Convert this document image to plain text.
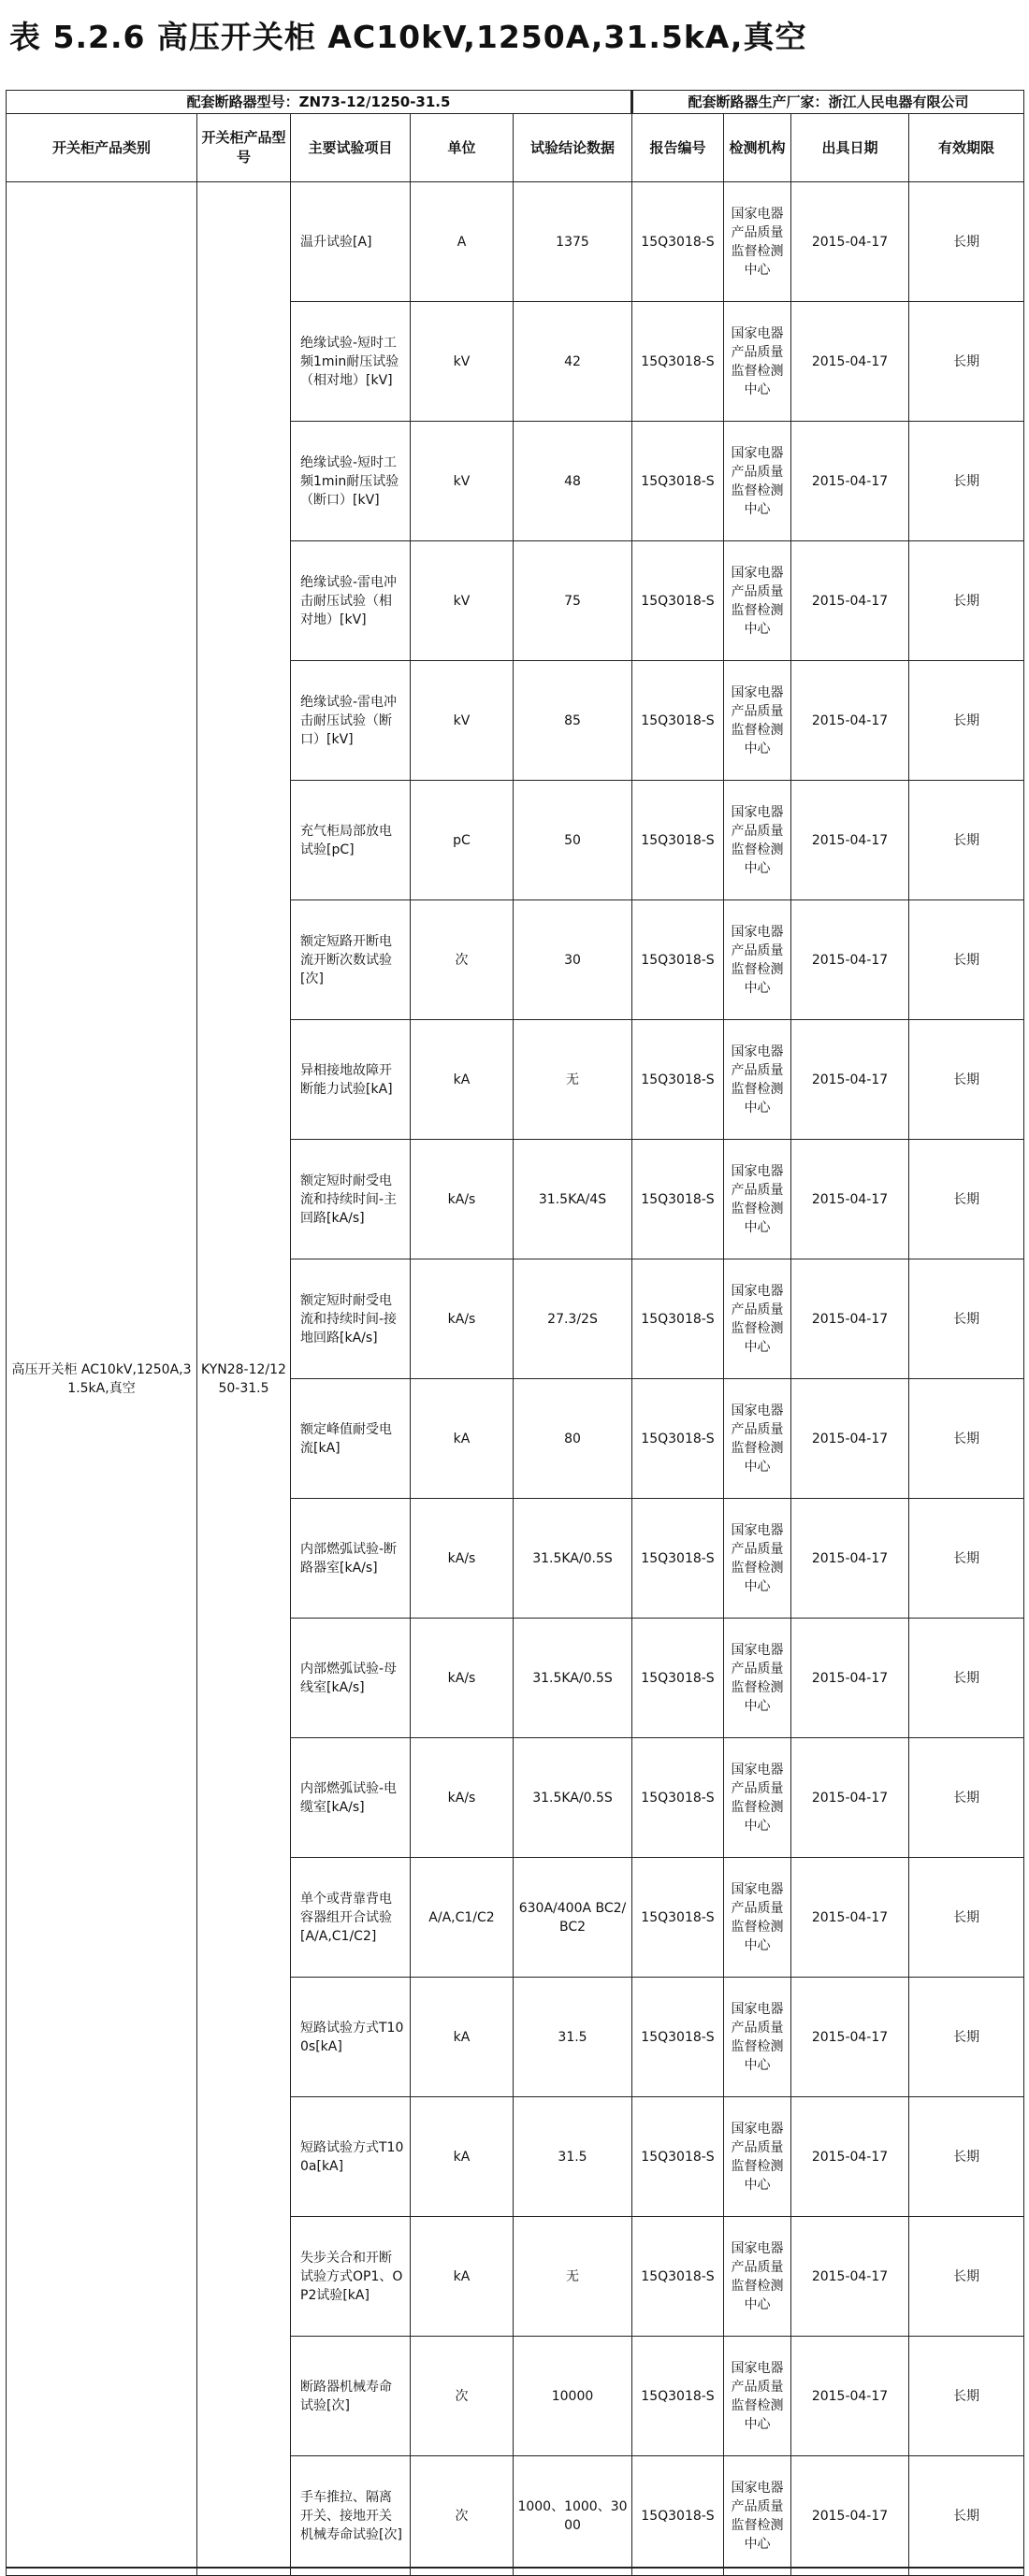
表 5.2.6 高压开关柜 AC10kV,1250A,31.5kA,真空
配套断路器型号：ZN73-12/1250-31.5					配套断路器生产厂家：浙江人民电器有限公司			
开关柜产品类别	开关柜产品型号	主要试验项目	单位	试验结论数据	报告编号	检测机构	出具日期	有效期限
高压开关柜 AC10kV,1250A,31.5kA,真空	KYN28-12/1250-31.5	温升试验[A]	A	1375	15Q3018-S	国家电器产品质量监督检测中心	2015-04-17	长期
		绝缘试验-短时工频1min耐压试验（相对地）[kV]	kV	42	15Q3018-S	国家电器产品质量监督检测中心	2015-04-17	长期
		绝缘试验-短时工频1min耐压试验（断口）[kV]	kV	48	15Q3018-S	国家电器产品质量监督检测中心	2015-04-17	长期
		绝缘试验-雷电冲击耐压试验（相对地）[kV]	kV	75	15Q3018-S	国家电器产品质量监督检测中心	2015-04-17	长期
		绝缘试验-雷电冲击耐压试验（断口）[kV]	kV	85	15Q3018-S	国家电器产品质量监督检测中心	2015-04-17	长期
		充气柜局部放电试验[pC]	pC	50	15Q3018-S	国家电器产品质量监督检测中心	2015-04-17	长期
		额定短路开断电流开断次数试验[次]	次	30	15Q3018-S	国家电器产品质量监督检测中心	2015-04-17	长期
		异相接地故障开断能力试验[kA]	kA	无	15Q3018-S	国家电器产品质量监督检测中心	2015-04-17	长期
		额定短时耐受电流和持续时间-主回路[kA/s]	kA/s	31.5KA/4S	15Q3018-S	国家电器产品质量监督检测中心	2015-04-17	长期
		额定短时耐受电流和持续时间-接地回路[kA/s]	kA/s	27.3/2S	15Q3018-S	国家电器产品质量监督检测中心	2015-04-17	长期
		额定峰值耐受电流[kA]	kA	80	15Q3018-S	国家电器产品质量监督检测中心	2015-04-17	长期
		内部燃弧试验-断路器室[kA/s]	kA/s	31.5KA/0.5S	15Q3018-S	国家电器产品质量监督检测中心	2015-04-17	长期
		内部燃弧试验-母线室[kA/s]	kA/s	31.5KA/0.5S	15Q3018-S	国家电器产品质量监督检测中心	2015-04-17	长期
		内部燃弧试验-电缆室[kA/s]	kA/s	31.5KA/0.5S	15Q3018-S	国家电器产品质量监督检测中心	2015-04-17	长期
		单个或背靠背电容器组开合试验[A/A,C1/C2]	A/A,C1/C2	630A/400A BC2/BC2	15Q3018-S	国家电器产品质量监督检测中心	2015-04-17	长期
		短路试验方式T100s[kA]	kA	31.5	15Q3018-S	国家电器产品质量监督检测中心	2015-04-17	长期
		短路试验方式T100a[kA]	kA	31.5	15Q3018-S	国家电器产品质量监督检测中心	2015-04-17	长期
		失步关合和开断试验方式OP1、OP2试验[kA]	kA	无	15Q3018-S	国家电器产品质量监督检测中心	2015-04-17	长期
		断路器机械寿命试验[次]	次	10000	15Q3018-S	国家电器产品质量监督检测中心	2015-04-17	长期
		手车推拉、隔离开关、接地开关机械寿命试验[次]	次	1000、1000、3000	15Q3018-S	国家电器产品质量监督检测中心	2015-04-17	长期
